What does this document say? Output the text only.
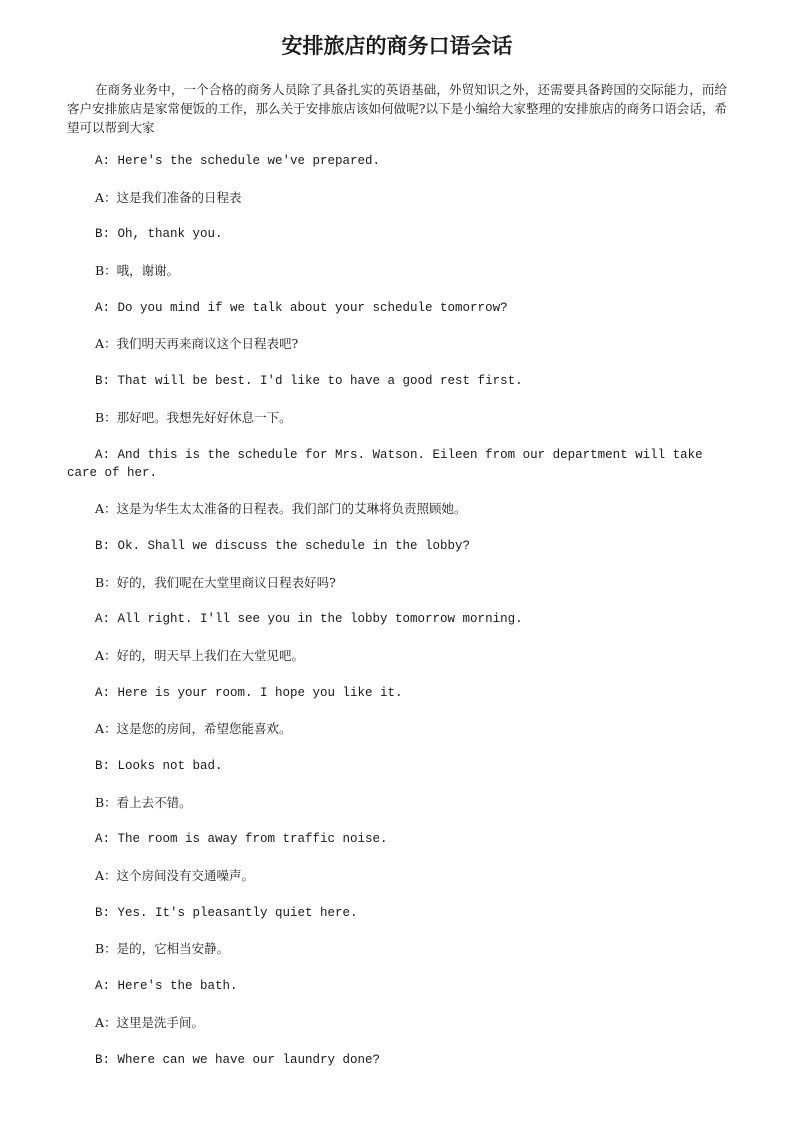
安排旅店的商务口语会话

在商务业务中，一个合格的商务人员除了具备扎实的英语基础，外贸知识之外，还需要具备跨国的交际能力，而给客户安排旅店是家常便饭的工作，那么关于安排旅店该如何做呢?以下是小编给大家整理的安排旅店的商务口语会话，希望可以帮到大家

A: Here's the schedule we've prepared.
A：这是我们准备的日程表
B: Oh, thank you.
B：哦，谢谢。
A: Do you mind if we talk about your schedule tomorrow?
A：我们明天再来商议这个日程表吧?
B: That will be best. I'd like to have a good rest first.
B：那好吧。我想先好好休息一下。
A: And this is the schedule for Mrs. Watson. Eileen from our department will take care of her.
A：这是为华生太太准备的日程表。我们部门的艾琳将负责照顾她。
B: Ok. Shall we discuss the schedule in the lobby?
B：好的，我们呢在大堂里商议日程表好吗?
A: All right. I'll see you in the lobby tomorrow morning.
A：好的，明天早上我们在大堂见吧。
A: Here is your room. I hope you like it.
A：这是您的房间，希望您能喜欢。
B: Looks not bad.
B：看上去不错。
A: The room is away from traffic noise.
A：这个房间没有交通噪声。
B: Yes. It's pleasantly quiet here.
B：是的，它相当安静。
A: Here's the bath.
A：这里是洗手间。
B: Where can we have our laundry done?
